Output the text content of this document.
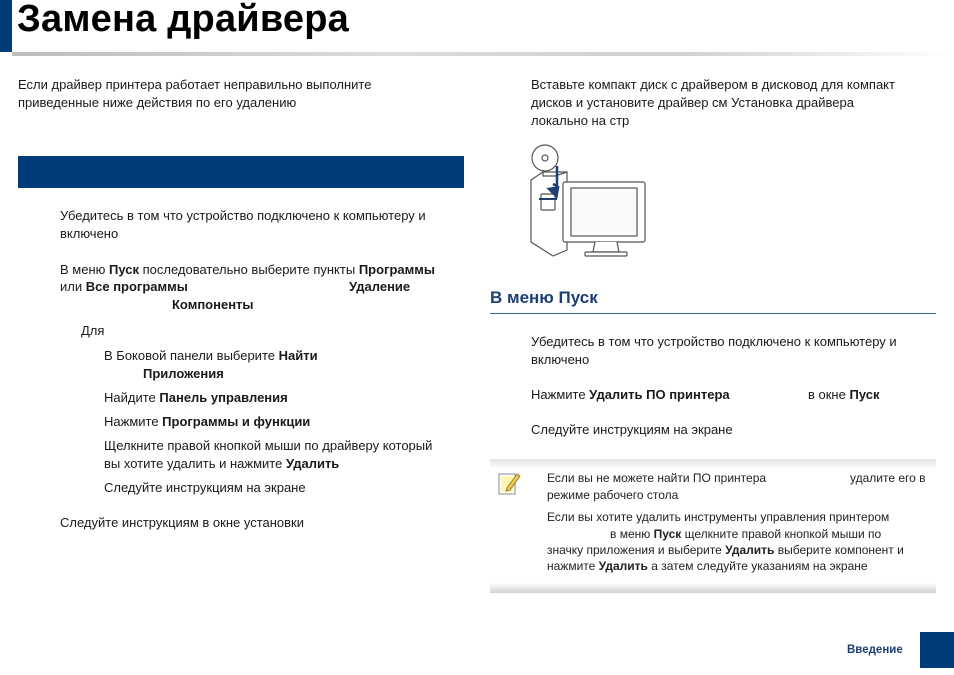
Замена драйвера
Если драйвер принтера работает неправильно выполните
приведенные ниже действия по его удалению
Убедитесь в том что устройство подключено к компьютеру и
включено
В меню Пуск последовательно выберите пункты Программы
или Все программы	Удаление
Компоненты
Для
В Боковой панели выберите Найти
Приложения
Найдите Панель управления
Нажмите Программы и функции
Щелкните правой кнопкой мыши по драйверу который
вы хотите удалить и нажмите Удалить
Следуйте инструкциям на экране
Следуйте инструкциям в окне установки
Вставьте компакт диск с драйвером в дисковод для компакт
дисков и установите драйвер см Установка драйвера
локально на стр
В меню Пуск
Убедитесь в том что устройство подключено к компьютеру и
включено
Нажмите Удалить ПО принтера	в окне Пуск
Следуйте инструкциям на экране
Если вы не можете найти ПО принтера	удалите его в
режиме рабочего стола
Если вы хотите удалить инструменты управления принтером
в меню Пуск щелкните правой кнопкой мыши по
значку приложения и выберите Удалить выберите компонент и
нажмите Удалить а затем следуйте указаниям на экране
Введение
